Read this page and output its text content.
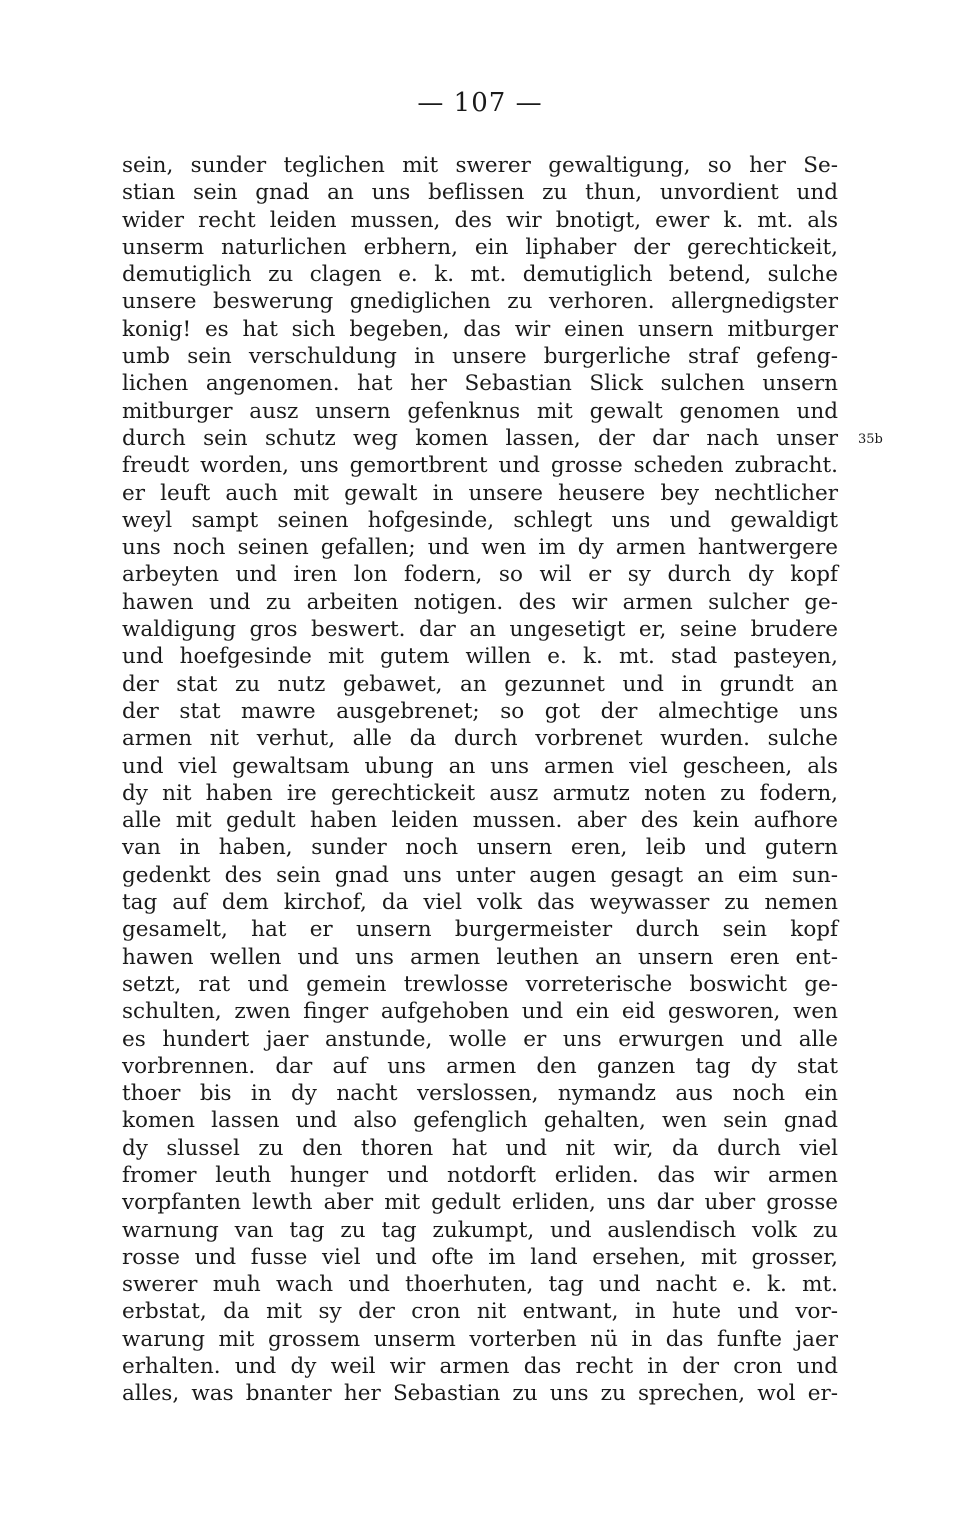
— 107 —
35b
sein, sunder teglichen mit swerer gewaltigung, so her Se-
stian sein gnad an uns beflissen zu thun, unvordient und
wider recht leiden mussen, des wir bnotigt, ewer k. mt. als
unserm naturlichen erbhern, ein liphaber der gerechtickeit,
demutiglich zu clagen e. k. mt. demutiglich betend, sulche
unsere beswerung gnediglichen zu verhoren. allergnedigster
konig! es hat sich begeben, das wir einen unsern mitburger
umb sein verschuldung in unsere burgerliche straf gefeng-
lichen angenomen. hat her Sebastian Slick sulchen unsern
mitburger ausz unsern gefenknus mit gewalt genomen und
durch sein schutz weg komen lassen, der dar nach unser
freudt worden, uns gemortbrent und grosse scheden zubracht.
er leuft auch mit gewalt in unsere heusere bey nechtlicher
weyl sampt seinen hofgesinde, schlegt uns und gewaldigt
uns noch seinen gefallen; und wen im dy armen hantwergere
arbeyten und iren lon fodern, so wil er sy durch dy kopf
hawen und zu arbeiten notigen. des wir armen sulcher ge-
waldigung gros beswert. dar an ungesetigt er, seine brudere
und hoefgesinde mit gutem willen e. k. mt. stad pasteyen,
der stat zu nutz gebawet, an gezunnet und in grundt an
der stat mawre ausgebrenet; so got der almechtige uns
armen nit verhut, alle da durch vorbrenet wurden. sulche
und viel gewaltsam ubung an uns armen viel gescheen, als
dy nit haben ire gerechtickeit ausz armutz noten zu fodern,
alle mit gedult haben leiden mussen. aber des kein aufhore
van in haben, sunder noch unsern eren, leib und gutern
gedenkt des sein gnad uns unter augen gesagt an eim sun-
tag auf dem kirchof, da viel volk das weywasser zu nemen
gesamelt, hat er unsern burgermeister durch sein kopf
hawen wellen und uns armen leuthen an unsern eren ent-
setzt, rat und gemein trewlosse vorreterische boswicht ge-
schulten, zwen finger aufgehoben und ein eid gesworen, wen
es hundert jaer anstunde, wolle er uns erwurgen und alle
vorbrennen. dar auf uns armen den ganzen tag dy stat
thoer bis in dy nacht verslossen, nymandz aus noch ein
komen lassen und also gefenglich gehalten, wen sein gnad
dy slussel zu den thoren hat und nit wir, da durch viel
fromer leuth hunger und notdorft erliden. das wir armen
vorpfanten lewth aber mit gedult erliden, uns dar uber grosse
warnung van tag zu tag zukumpt, und auslendisch volk zu
rosse und fusse viel und ofte im land ersehen, mit grosser,
swerer muh wach und thoerhuten, tag und nacht e. k. mt.
erbstat, da mit sy der cron nit entwant, in hute und vor-
warung mit grossem unserm vorterben nü in das funfte jaer
erhalten. und dy weil wir armen das recht in der cron und
alles, was bnanter her Sebastian zu uns zu sprechen, wol er-
